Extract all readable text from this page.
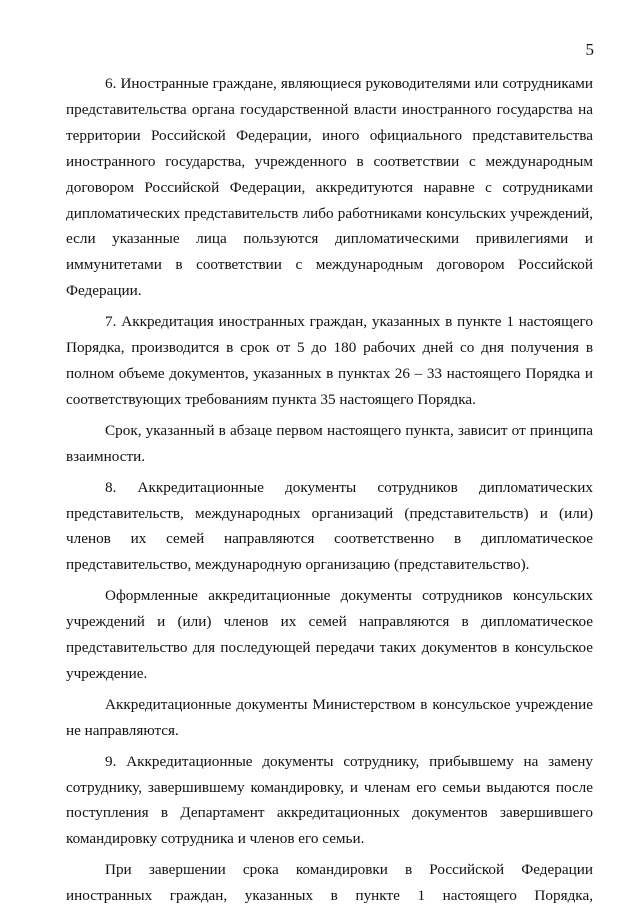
5

6. Иностранные граждане, являющиеся руководителями или сотрудниками представительства органа государственной власти иностранного государства на территории Российской Федерации, иного официального представительства иностранного государства, учрежденного в соответствии с международным договором Российской Федерации, аккредитуются наравне с сотрудниками дипломатических представительств либо работниками консульских учреждений, если указанные лица пользуются дипломатическими привилегиями и иммунитетами в соответствии с международным договором Российской Федерации.

7. Аккредитация иностранных граждан, указанных в пункте 1 настоящего Порядка, производится в срок от 5 до 180 рабочих дней со дня получения в полном объеме документов, указанных в пунктах 26 – 33 настоящего Порядка и соответствующих требованиям пункта 35 настоящего Порядка.

Срок, указанный в абзаце первом настоящего пункта, зависит от принципа взаимности.

8. Аккредитационные документы сотрудников дипломатических представительств, международных организаций (представительств) и (или) членов их семей направляются соответственно в дипломатическое представительство, международную организацию (представительство).

Оформленные аккредитационные документы сотрудников консульских учреждений и (или) членов их семей направляются в дипломатическое представительство для последующей передачи таких документов в консульское учреждение.

Аккредитационные документы Министерством в консульское учреждение не направляются.

9. Аккредитационные документы сотруднику, прибывшему на замену сотруднику, завершившему командировку, и членам его семьи выдаются после поступления в Департамент аккредитационных документов завершившего командировку сотрудника и членов его семьи.

При завершении срока командировки в Российской Федерации иностранных граждан, указанных в пункте 1 настоящего Порядка,
